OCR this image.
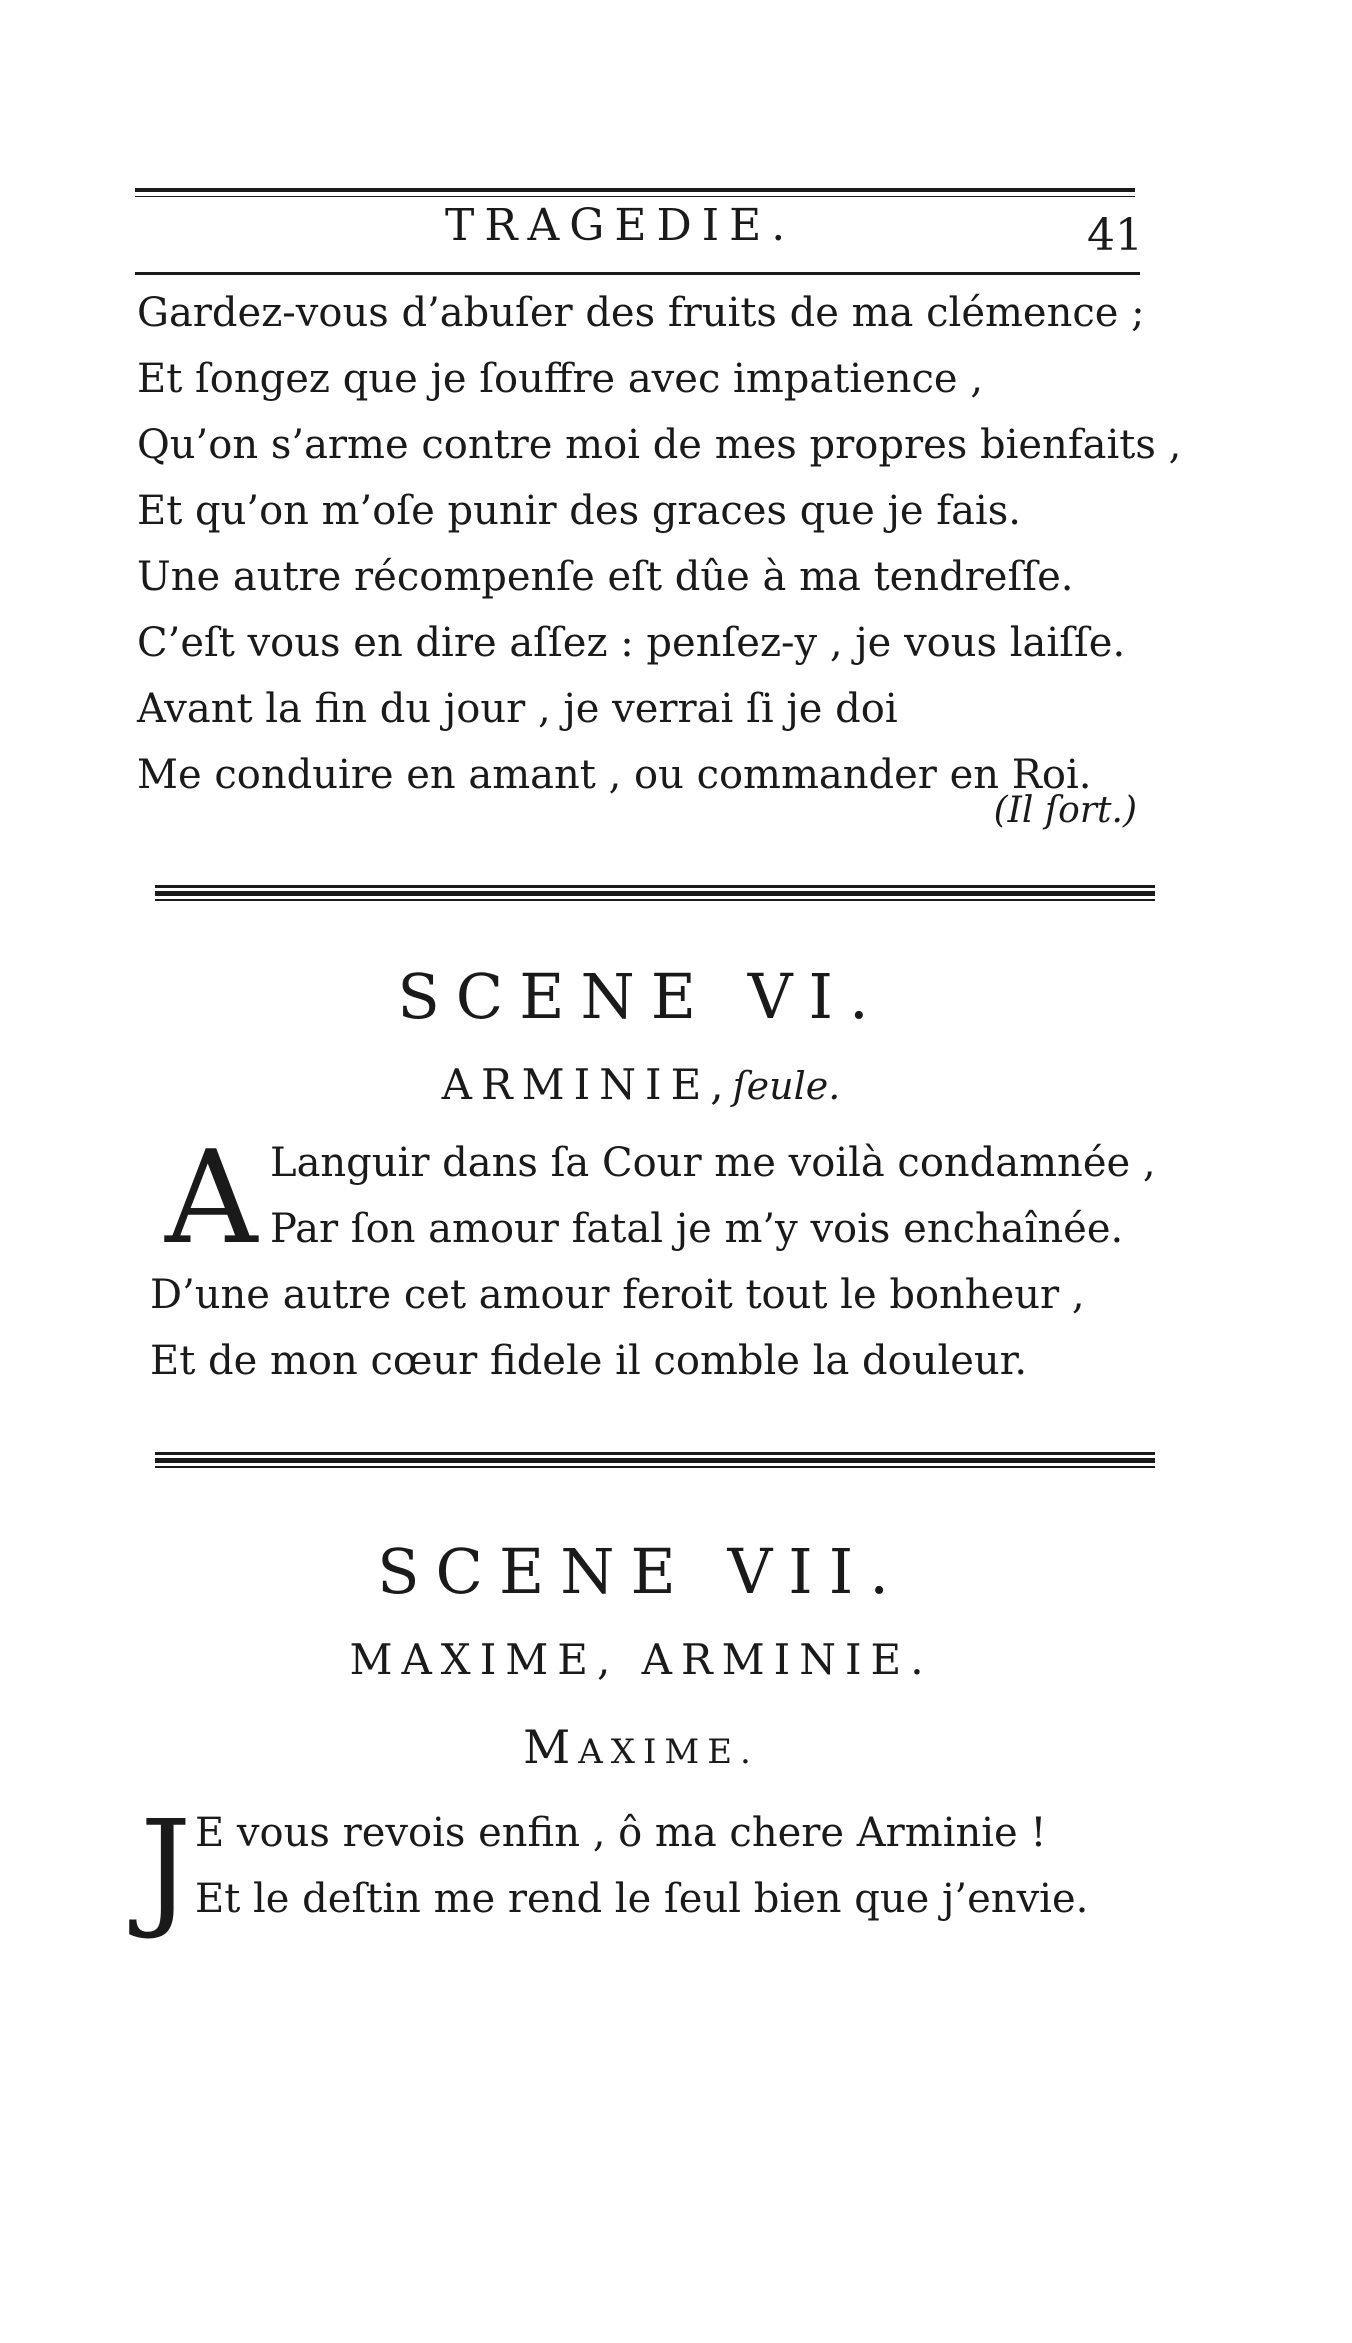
TRAGEDIE.	41
Gardez-vous d’abuſer des fruits de ma clémence ;
Et ſongez que je ſouffre avec impatience ,
Qu’on s’arme contre moi de mes propres bienfaits ,
Et qu’on m’oſe punir des graces que je fais.
Une autre récompenſe eſt dûe à ma tendreſſe.
C’eſt vous en dire aſſez : penſez-y , je vous laiſſe.
Avant la fin du jour , je verrai ſi je doi
Me conduire en amant , ou commander en Roi.
(Il ſort.)
SCENE VI.
ARMINIE,ſeule.
A Languir dans ſa Cour me voilà condamnée ,
Par ſon amour fatal je m’y vois enchaînée.
D’une autre cet amour feroit tout le bonheur ,
Et de mon cœur fidele il comble la douleur.
SCENE VII.
MAXIME, ARMINIE.
MAXIME.
J E vous revois enfin , ô ma chere Arminie !
Et le deſtin me rend le ſeul bien que j’envie.
